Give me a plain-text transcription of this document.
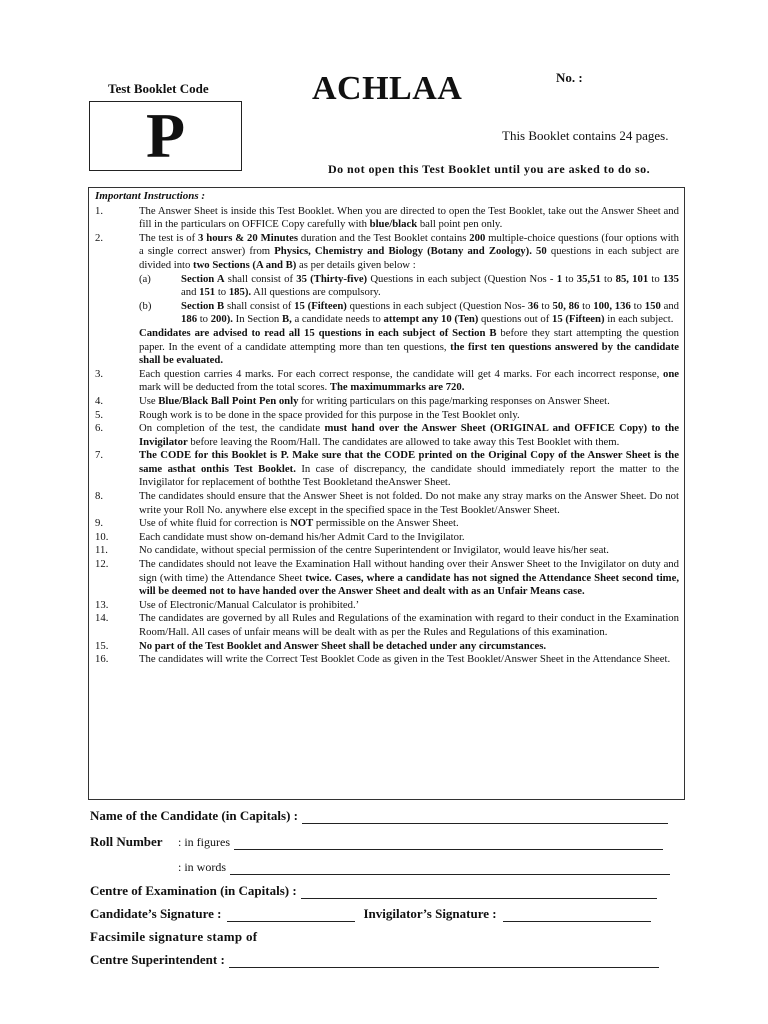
Test Booklet Code
P
ACHLAA	No. :
This Booklet contains 24 pages.
Do not open this Test Booklet until you are asked to do so.
Important Instructions :
1.	The Answer Sheet is inside this Test Booklet. When you are directed to open the Test Booklet, take out the Answer Sheet and fill in the particulars on OFFICE Copy carefully with blue/black ball point pen only.
2.	The test is of 3 hours & 20 Minutes duration and the Test Booklet contains 200 multiple-choice questions (four options with a single correct answer) from Physics, Chemistry and Biology (Botany and Zoology). 50 questions in each subject are divided into two Sections (A and B) as per details given below :
(a)	Section A shall consist of 35 (Thirty-five) Questions in each subject (Question Nos - 1 to 35,51 to 85, 101 to 135 and 151 to 185). All questions are compulsory.
(b)	Section B shall consist of 15 (Fifteen) questions in each subject (Question Nos- 36 to 50, 86 to 100, 136 to 150 and 186 to 200). In Section B, a candidate needs to attempt any 10 (Ten) questions out of 15 (Fifteen) in each subject.
Candidates are advised to read all 15 questions in each subject of Section B before they start attempting the question paper. In the event of a candidate attempting more than ten questions, the first ten questions answered by the candidate shall be evaluated.
3.	Each question carries 4 marks. For each correct response, the candidate will get 4 marks. For each incorrect response, one mark will be deducted from the total scores. The maximummarks are 720.
4.	Use Blue/Black Ball Point Pen only for writing particulars on this page/marking responses on Answer Sheet.
5.	Rough work is to be done in the space provided for this purpose in the Test Booklet only.
6.	On completion of the test, the candidate must hand over the Answer Sheet (ORIGINAL and OFFICE Copy) to the Invigilator before leaving the Room/Hall. The candidates are allowed to take away this Test Booklet with them.
7.	The CODE for this Booklet is P. Make sure that the CODE printed on the Original Copy of the Answer Sheet is the same asthat onthis Test Booklet. In case of discrepancy, the candidate should immediately report the matter to the Invigilator for replacement of boththe Test Bookletand theAnswer Sheet.
8.	The candidates should ensure that the Answer Sheet is not folded. Do not make any stray marks on the Answer Sheet. Do not write your Roll No. anywhere else except in the specified space in the Test Booklet/Answer Sheet.
9.	Use of white fluid for correction is NOT permissible on the Answer Sheet.
10.	Each candidate must show on-demand his/her Admit Card to the Invigilator.
11.	No candidate, without special permission of the centre Superintendent or Invigilator, would leave his/her seat.
12.	The candidates should not leave the Examination Hall without handing over their Answer Sheet to the Invigilator on duty and sign (with time) the Attendance Sheet twice. Cases, where a candidate has not signed the Attendance Sheet second time, will be deemed not to have handed over the Answer Sheet and dealt with as an Unfair Means case.
13.	Use of Electronic/Manual Calculator is prohibited.’
14.	The candidates are governed by all Rules and Regulations of the examination with regard to their conduct in the Examination Room/Hall. All cases of unfair means will be dealt with as per the Rules and Regulations of this examination.
15.	No part of the Test Booklet and Answer Sheet shall be detached under any circumstances.
16.	The candidates will write the Correct Test Booklet Code as given in the Test Booklet/Answer Sheet in the Attendance Sheet.
Name of the Candidate (in Capitals) :
Roll Number	: in figures
: in words
Centre of Examination (in Capitals) :
Candidate’s Signature :	Invigilator’s Signature :
Facsimile signature stamp of
Centre Superintendent :
